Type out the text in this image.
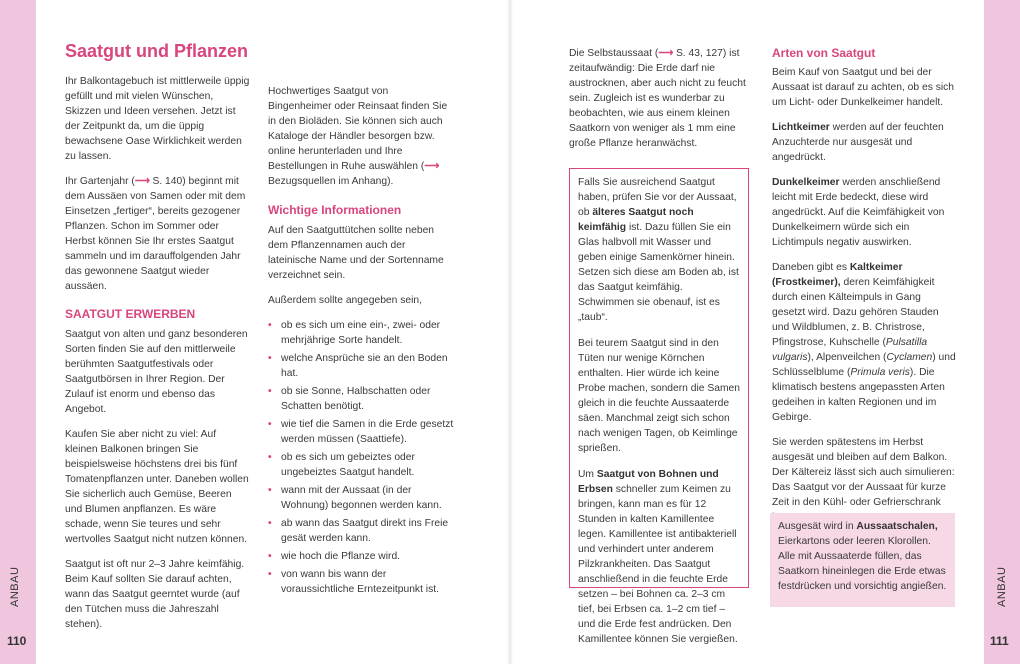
ANBAU	ANBAU
110	111
Saatgut und Pflanzen

Ihr Balkontagebuch ist mittlerweile üppig gefüllt und mit vielen Wünschen, Skizzen und Ideen versehen. Jetzt ist der Zeitpunkt da, um die üppig bewachsene Oase Wirklichkeit werden zu lassen.

Ihr Gartenjahr (⟶ S. 140) beginnt mit dem Aussäen von Samen oder mit dem Einsetzen „fertiger“, bereits gezogener Pflanzen. Schon im Sommer oder Herbst können Sie Ihr erstes Saatgut sammeln und im darauffolgenden Jahr das gewonnene Saatgut wieder aussäen.

SAATGUT ERWERBEN

Saatgut von alten und ganz besonderen Sorten finden Sie auf den mittlerweile berühmten Saatgutfestivals oder Saatgutbörsen in Ihrer Region. Der Zulauf ist enorm und ebenso das Angebot.

Kaufen Sie aber nicht zu viel: Auf kleinen Balkonen bringen Sie beispielsweise höchstens drei bis fünf Tomatenpflanzen unter. Daneben wollen Sie sicherlich auch Gemüse, Beeren und Blumen anpflanzen. Es wäre schade, wenn Sie teures und sehr wertvolles Saatgut nicht nutzen können.

Saatgut ist oft nur 2–3 Jahre keimfähig. Beim Kauf sollten Sie darauf achten, wann das Saatgut geerntet wurde (auf den Tütchen muss die Jahreszahl stehen).

Hochwertiges Saatgut von Bingenheimer oder Reinsaat finden Sie in den Bioläden. Sie können sich auch Kataloge der Händler besorgen bzw. online herunterladen und Ihre Bestellungen in Ruhe auswählen (⟶ Bezugsquellen im Anhang).

Wichtige Informationen

Auf den Saatguttütchen sollte neben dem Pflanzennamen auch der lateinische Name und der Sortenname verzeichnet sein.

Außerdem sollte angegeben sein,

• ob es sich um eine ein-, zwei- oder mehrjährige Sorte handelt.
• welche Ansprüche sie an den Boden hat.
• ob sie Sonne, Halbschatten oder Schatten benötigt.
• wie tief die Samen in die Erde gesetzt werden müssen (Saattiefe).
• ob es sich um gebeiztes oder ungebeiztes Saatgut handelt.
• wann mit der Aussaat (in der Wohnung) begonnen werden kann.
• ab wann das Saatgut direkt ins Freie gesät werden kann.
• wie hoch die Pflanze wird.
• von wann bis wann der voraussichtliche Erntezeitpunkt ist.

Die Selbstaussaat (⟶ S. 43, 127) ist zeitaufwändig: Die Erde darf nie austrocknen, aber auch nicht zu feucht sein. Zugleich ist es wunderbar zu beobachten, wie aus einem kleinen Saatkorn von weniger als 1 mm eine große Pflanze heranwächst.

Falls Sie ausreichend Saatgut haben, prüfen Sie vor der Aussaat, ob älteres Saatgut noch keimfähig ist. Dazu füllen Sie ein Glas halbvoll mit Wasser und geben einige Samenkörner hinein. Setzen sich diese am Boden ab, ist das Saatgut keimfähig. Schwimmen sie obenauf, ist es „taub“.

Bei teurem Saatgut sind in den Tüten nur wenige Körnchen enthalten. Hier würde ich keine Probe machen, sondern die Samen gleich in die feuchte Aussaaterde säen. Manchmal zeigt sich schon nach wenigen Tagen, ob Keimlinge sprießen.

Um Saatgut von Bohnen und Erbsen schneller zum Keimen zu bringen, kann man es für 12 Stunden in kalten Kamillentee legen. Kamillentee ist antibakteriell und verhindert unter anderem Pilzkrankheiten. Das Saatgut anschließend in die feuchte Erde setzen – bei Bohnen ca. 2–3 cm tief, bei Erbsen ca. 1–2 cm tief – und die Erde fest andrücken. Den Kamillentee können Sie vergießen.

Arten von Saatgut

Beim Kauf von Saatgut und bei der Aussaat ist darauf zu achten, ob es sich um Licht- oder Dunkelkeimer handelt.

Lichtkeimer werden auf der feuchten Anzuchterde nur ausgesät und angedrückt.

Dunkelkeimer werden anschließend leicht mit Erde bedeckt, diese wird angedrückt. Auf die Keimfähigkeit von Dunkelkeimern würde sich ein Lichtimpuls negativ auswirken.

Daneben gibt es Kaltkeimer (Frostkeimer), deren Keimfähigkeit durch einen Kälteimpuls in Gang gesetzt wird. Dazu gehören Stauden und Wildblumen, z. B. Christrose, Pfingstrose, Kuhschelle (Pulsatilla vulgaris), Alpenveilchen (Cyclamen) und Schlüsselblume (Primula veris). Die klimatisch bestens angepassten Arten gedeihen in kalten Regionen und im Gebirge.

Sie werden spätestens im Herbst ausgesät und bleiben auf dem Balkon. Der Kältereiz lässt sich auch simulieren: Das Saatgut vor der Aussaat für kurze Zeit in den Kühl- oder Gefrierschrank

Ausgesät wird in Aussaatschalen, Eierkartons oder leeren Klorollen. Alle mit Aussaaterde füllen, das Saatkorn hineinlegen die Erde etwas festdrücken und vorsichtig angießen.
